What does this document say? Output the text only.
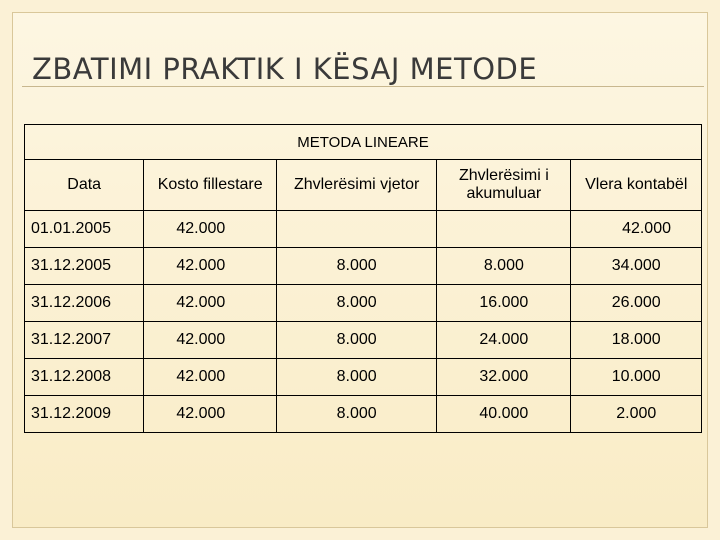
ZBATIMI PRAKTIK I KËSAJ METODE
METODA LINEARE				
Data	Kosto fillestare	Zhvlerësimi vjetor	Zhvlerësimi i akumuluar	Vlera kontabël
01.01.2005	42.000			42.000
31.12.2005	42.000	8.000	8.000	34.000
31.12.2006	42.000	8.000	16.000	26.000
31.12.2007	42.000	8.000	24.000	18.000
31.12.2008	42.000	8.000	32.000	10.000
31.12.2009	42.000	8.000	40.000	2.000
